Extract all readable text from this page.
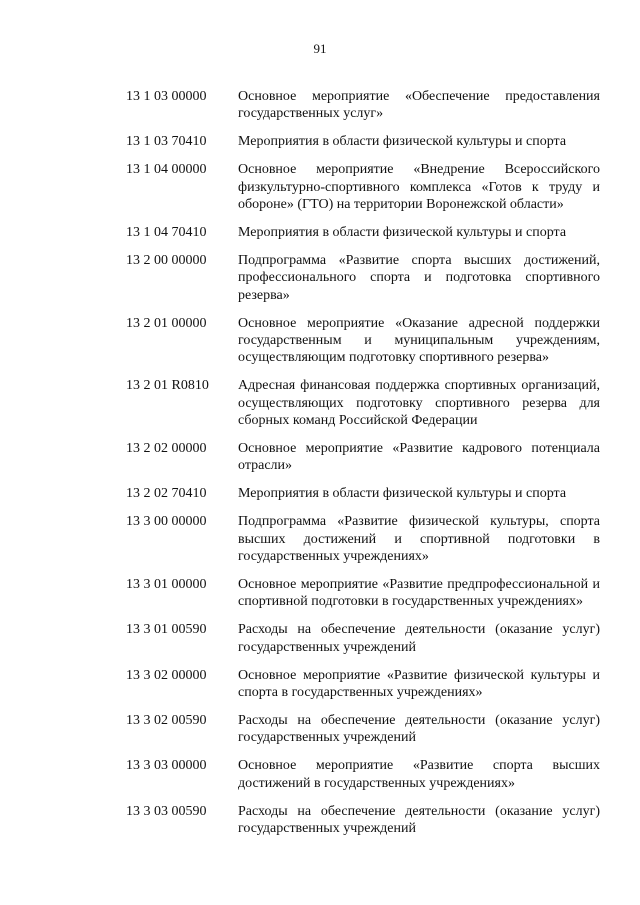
91
13 1 03 00000	Основное мероприятие «Обеспечение предоставления государственных услуг»
13 1 03 70410	Мероприятия в области физической культуры и спорта
13 1 04 00000	Основное мероприятие «Внедрение Всероссийского физкультурно-спортивного комплекса «Готов к труду и обороне» (ГТО) на территории Воронежской области»
13 1 04 70410	Мероприятия в области физической культуры и спорта
13 2 00 00000	Подпрограмма «Развитие спорта высших достижений, профессионального спорта и подготовка спортивного резерва»
13 2 01 00000	Основное мероприятие «Оказание адресной поддержки государственным и муниципальным учреждениям, осуществляющим подготовку спортивного резерва»
13 2 01 R0810	Адресная финансовая поддержка спортивных организаций, осуществляющих подготовку спортивного резерва для сборных команд Российской Федерации
13 2 02 00000	Основное мероприятие «Развитие кадрового потенциала отрасли»
13 2 02 70410	Мероприятия в области физической культуры и спорта
13 3 00 00000	Подпрограмма «Развитие физической культуры, спорта высших достижений и спортивной подготовки в государственных учреждениях»
13 3 01 00000	Основное мероприятие «Развитие предпрофессиональной и спортивной подготовки в государственных учреждениях»
13 3 01 00590	Расходы на обеспечение деятельности (оказание услуг) государственных учреждений
13 3 02 00000	Основное мероприятие «Развитие физической культуры и спорта в государственных учреждениях»
13 3 02 00590	Расходы на обеспечение деятельности (оказание услуг) государственных учреждений
13 3 03 00000	Основное мероприятие «Развитие спорта высших достижений в государственных учреждениях»
13 3 03 00590	Расходы на обеспечение деятельности (оказание услуг) государственных учреждений
